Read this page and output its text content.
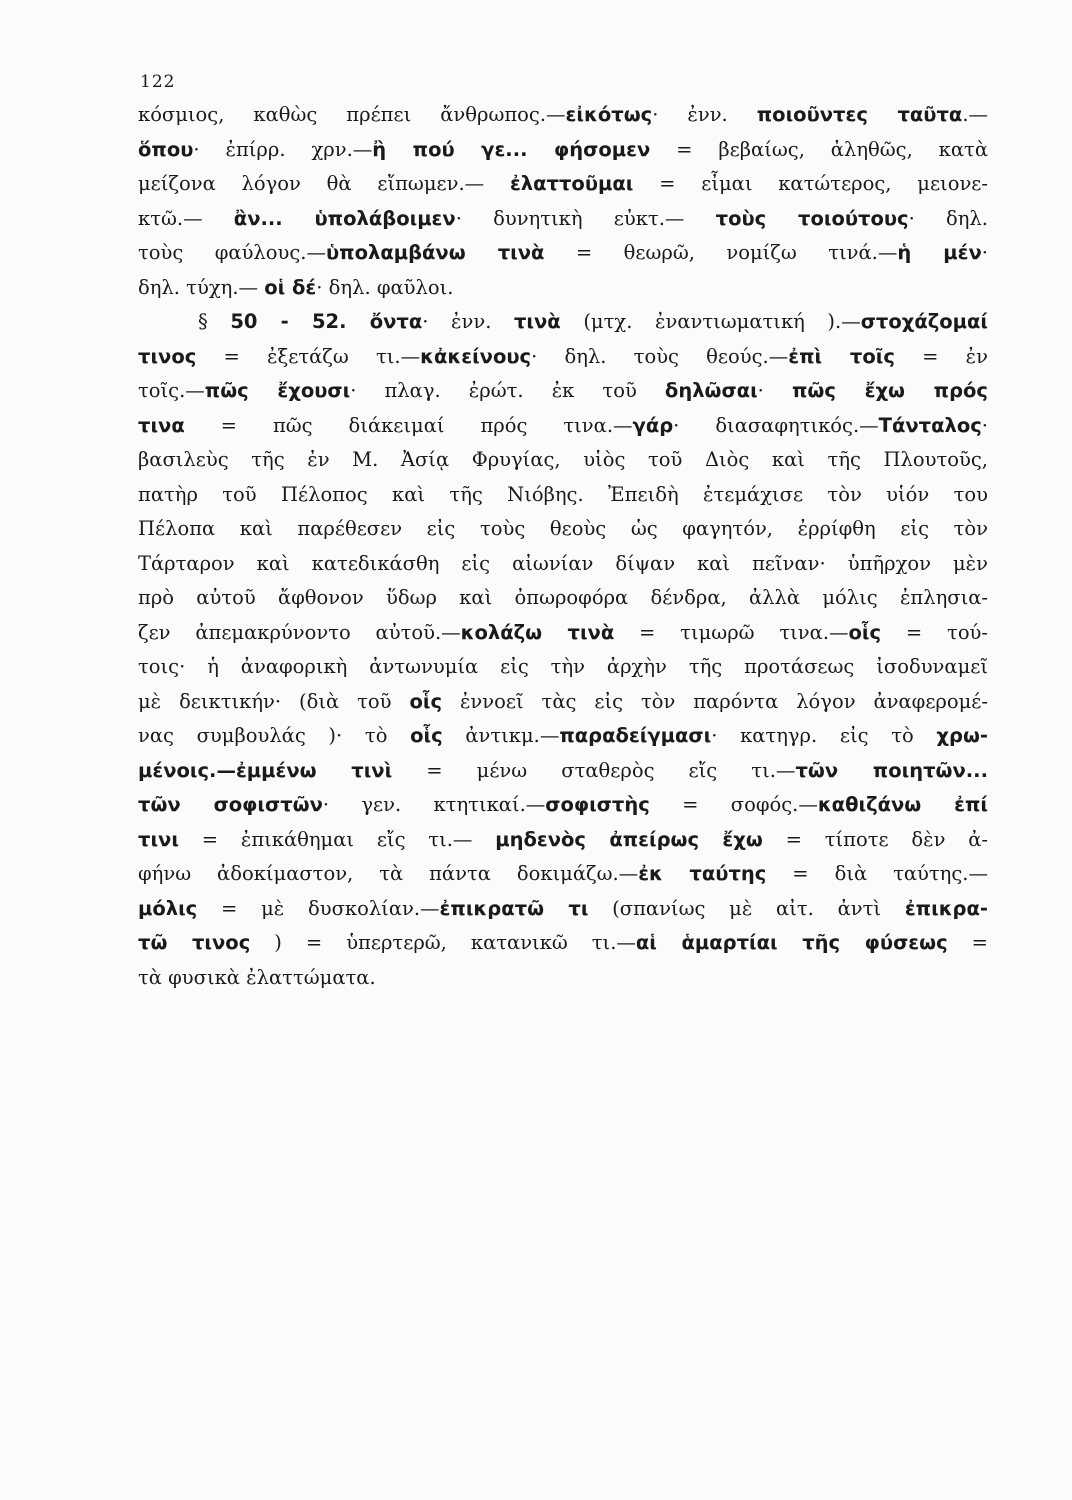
122
κόσμιος, καθὼς πρέπει ἄνθρωπος.—εἰκότως· ἐνν. ποιοῦντες ταῦτα.—
ὅπου· ἐπίρρ. χρν.—ἢ πού γε... φήσομεν = βεβαίως, ἀληθῶς, κατὰ
μείζονα λόγον θὰ εἴπωμεν.— ἐλαττοῦμαι = εἶμαι κατώτερος, μειονε-
κτῶ.— ἂν... ὑπολάβοιμεν· δυνητικὴ εὐκτ.— τοὺς τοιούτους· δηλ.
τοὺς φαύλους.—ὑπολαμβάνω τινὰ = θεωρῶ, νομίζω τινά.—ἡ μέν·
δηλ. τύχη.— οἱ δέ· δηλ. φαῦλοι.
§ 50 - 52. ὄντα· ἐνν. τινὰ (μτχ. ἐναντιωματική ).—στοχάζομαί
τινος = ἐξετάζω τι.—κἀκείνους· δηλ. τοὺς θεούς.—ἐπὶ τοῖς = ἐν
τοῖς.—πῶς ἔχουσι· πλαγ. ἐρώτ. ἐκ τοῦ δηλῶσαι· πῶς ἔχω πρός
τινα = πῶς διάκειμαί πρός τινα.—γάρ· διασαφητικός.—Τάνταλος·
βασιλεὺς τῆς ἐν Μ. Ἀσίᾳ Φρυγίας, υἱὸς τοῦ Διὸς καὶ τῆς Πλουτοῦς,
πατὴρ τοῦ Πέλοπος καὶ τῆς Νιόβης. Ἐπειδὴ ἐτεμάχισε τὸν υἱόν του
Πέλοπα καὶ παρέθεσεν εἰς τοὺς θεοὺς ὡς φαγητόν, ἐρρίφθη εἰς τὸν
Τάρταρον καὶ κατεδικάσθη εἰς αἰωνίαν δίψαν καὶ πεῖναν· ὑπῆρχον μὲν
πρὸ αὐτοῦ ἄφθονον ὕδωρ καὶ ὀπωροφόρα δένδρα, ἀλλὰ μόλις ἐπλησια-
ζεν ἀπεμακρύνοντο αὐτοῦ.—κολάζω τινὰ = τιμωρῶ τινα.—οἷς = τού-
τοις· ἡ ἀναφορικὴ ἀντωνυμία εἰς τὴν ἀρχὴν τῆς προτάσεως ἰσοδυναμεῖ
μὲ δεικτικήν· (διὰ τοῦ οἷς ἐννοεῖ τὰς εἰς τὸν παρόντα λόγον ἀναφερομέ-
νας συμβουλάς )· τὸ οἷς ἀντικμ.—παραδείγμασι· κατηγρ. εἰς τὸ χρω-
μένοις.—ἐμμένω τινὶ = μένω σταθερὸς εἴς τι.—τῶν ποιητῶν...
τῶν σοφιστῶν· γεν. κτητικαί.—σοφιστὴς = σοφός.—καθιζάνω ἐπί
τινι = ἐπικάθημαι εἴς τι.— μηδενὸς ἀπείρως ἔχω = τίποτε δὲν ἀ-
φήνω ἀδοκίμαστον, τὰ πάντα δοκιμάζω.—ἐκ ταύτης = διὰ ταύτης.—
μόλις = μὲ δυσκολίαν.—ἐπικρατῶ τι (σπανίως μὲ αἰτ. ἀντὶ ἐπικρα-
τῶ τινος ) = ὑπερτερῶ, κατανικῶ τι.—αἱ ἁμαρτίαι τῆς φύσεως =
τὰ φυσικὰ ἐλαττώματα.
